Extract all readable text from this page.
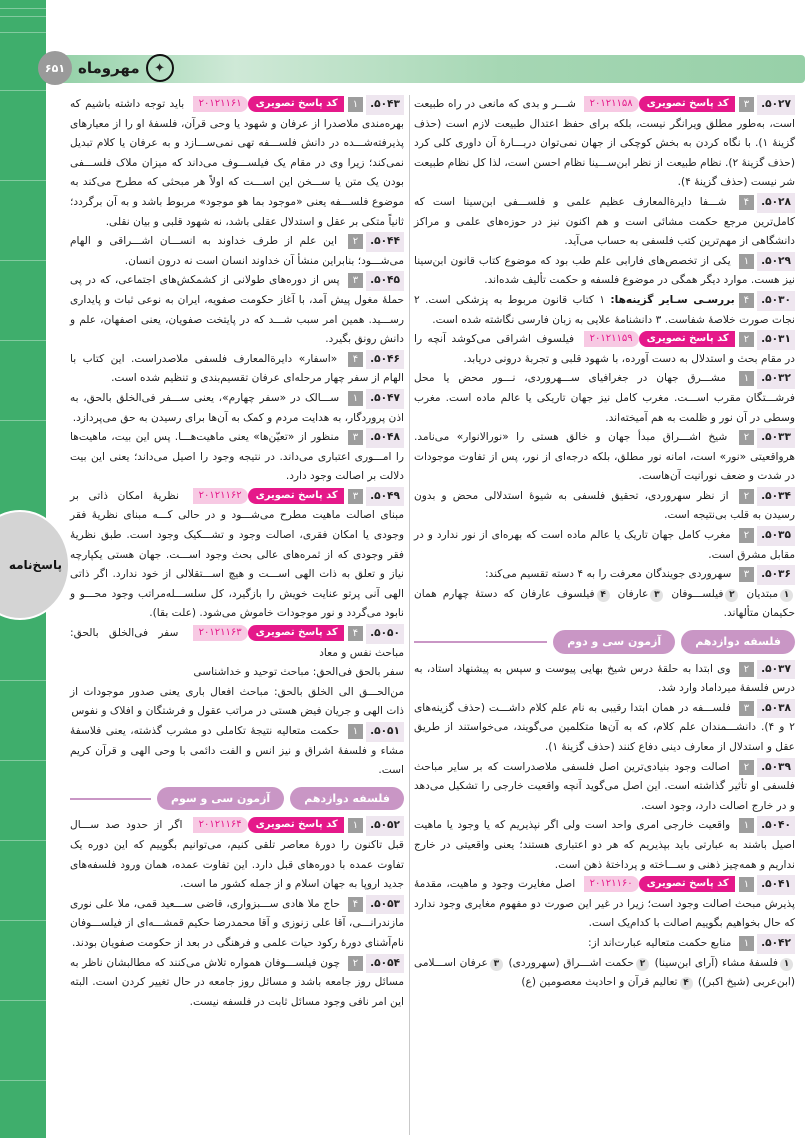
۶۵۱ مهروماه	✦
پاسخ‌نامه

۵۰۲۷.۳
کد پاسخ تصویری
۲۰۱۲۱۱۵۸
شـــر و بدی که مانعی در راه طبیعت است، به‌طور مطلق ویرانگر نیست، بلکه برای حفظ اعتدال طبیعت لازم است (حذف گزینهٔ ۱). با نگاه کردن به بخش کوچکی از جهان نمی‌توان دربـــارهٔ آن داوری کلی کرد (حذف گزینهٔ ۲). نظام طبیعت از نظر ابن‌ســـینا نظام احسن است، لذا کل نظام طبیعت شر نیست (حذف گزینهٔ ۴).

۵۰۲۸.۴ شـــفا دایرةالمعارف عظیم علمی و فلســـفی ابن‌سینا است که کامل‌ترین مرجع حکمت مشائی است و هم اکنون نیز در حوزه‌های علمی و مراکز دانشگاهی از مهم‌ترین کتب فلسفی به حساب می‌آید.

۵۰۲۹.۱ یکی از تخصص‌های فارابی علم طب بود که موضوع کتاب قانون ابن‌سینا نیز هست. موارد دیگر همگی در موضوع فلسفه و حکمت تألیف شده‌اند.

۵۰۳۰.۴بررسـی سـایر گزینه‌ها: ۱ کتاب قانون مربوط به پزشکی است. ۲ نجات صورت خلاصهٔ شفاست. ۳ دانشنامهٔ علایی به زبان فارسی نگاشته شده است.

۵۰۳۱.۲
کد پاسخ تصویری
۲۰۱۲۱۱۵۹
فیلسوف اشراقی می‌کوشد آنچه را در مقام بحث و استدلال به دست آورده، با شهود قلبی و تجربهٔ درونی دریابد.

۵۰۳۲.۱ مشـــرق جهان در جغرافیای ســـهروردی، نـــور محض یا محل فرشـــتگان مقرب اســـت. مغرب کامل نیز جهان تاریکی یا عالم ماده است. مغرب وسطی در آن نور و ظلمت به هم آمیخته‌اند.

۵۰۳۳.۲ شیخ اشـــراق مبدأ جهان و خالق هستی را «نورالانوار» می‌نامد. هرواقعیتی «نور» است، امانه نور مطلق، بلکه درجه‌ای از نور، پس از تفاوت موجودات در شدت و ضعف نورانیت آن‌هاست.

۵۰۳۴.۲ از نظر سهروردی، تحقیق فلسفی به شیوهٔ استدلالی محض و بدون رسیدن به قلب بی‌نتیجه است.

۵۰۳۵.۲ مغرب کامل جهان تاریک یا عالم ماده است که بهره‌ای از نور ندارد و در مقابل مشرق است.

۵۰۳۶.۳ سهروردی جویندگان معرفت را به ۴ دسته تقسیم می‌کند:
۱مبتدیان ۲فیلســـوفان ۳عارفان ۴فیلسوف عارفان که دستهٔ چهارم همان حکیمان متألهاند.

فلسفه دوازدهم
آزمون سی و دوم

۵۰۳۷.۲ وی ابتدا به حلقهٔ درس شیخ بهایی پیوست و سپس به پیشنهاد استاد، به درس فلسفهٔ میرداماد وارد شد.

۵۰۳۸.۳ فلســـفه در همان ابتدا رقیبی به نام علم کلام داشـــت (حذف گزینه‌های ۲ و ۴). دانشـــمندان علم کلام، که به آن‌ها متکلمین می‌گویند، می‌خواستند از طریق عقل و استدلال از معارف دینی دفاع کنند (حذف گزینهٔ ۱).

۵۰۳۹.۲ اصالت وجود بنیادی‌ترین اصل فلسفی ملاصدراست که بر سایر مباحث فلسفی او تأثیر گذاشته است. این اصل می‌گوید آنچه واقعیت خارجی را تشکیل می‌دهد و در خارج اصالت دارد، وجود است.

۵۰۴۰.۱ واقعیت خارجی امری واحد است ولی اگر نپذیریم که یا وجود یا ماهیت اصیل باشند به عبارتی باید بپذیریم که هر دو اعتباری هستند؛ یعنی واقعیتی در خارج نداریم و همه‌چیز ذهنی و ســـاخته و پرداختهٔ ذهن است.

۵۰۴۱.۱
کد پاسخ تصویری
۲۰۱۲۱۱۶۰
اصل مغایرت وجود و ماهیت، مقدمهٔ پذیرش مبحث اصالت وجود است؛ زیرا در غیر این صورت دو مفهوم مغایری وجود ندارد که حال بخواهیم بگوییم اصالت با کدام‌یک است.

۵۰۴۲.۱ منابع حکمت متعالیه عبارت‌اند از:
۱فلسفهٔ مشاء (آرای ابن‌سینا) ۲حکمت اشـــراق (سهروردی) ۳عرفان اســـلامی (ابن‌عربی (شیخ اکبر)) ۴تعالیم قرآن و احادیث معصومین (ع)

۵۰۴۳.۱
کد پاسخ تصویری
۲۰۱۲۱۱۶۱
باید توجه داشته باشیم که بهره‌مندی ملاصدرا از عرفان و شهود یا وحی قرآن، فلسفهٔ او را از معیارهای پذیرفته‌شـــده در دانش فلســـفه تهی نمی‌ســـازد و به عرفان یا کلام تبدیل نمی‌کند؛ زیرا وی در مقام یک فیلســـوف می‌داند که میزان ملاک فلســـفی بودن یک متن یا ســـخن این اســـت که اولاً هر مبحثی که مطرح می‌کند به موضوع فلســـفه یعنی «موجود بما هو موجود» مربوط باشد و به آن برگردد؛ ثانیاً متکی بر عقل و استدلال عقلی باشد، نه شهود قلبی و بیان نقلی.

۵۰۴۴.۲ این علم از طرف خداوند به انســـان اشـــراقی و الهام می‌شـــود؛ بنابراین منشأ آن خداوند انسان است نه درون انسان.

۵۰۴۵.۳ پس از دوره‌های طولانی از کشمکش‌های اجتماعی، که در پی حملهٔ مغول پیش آمد، با آغاز حکومت صفویه، ایران به نوعی ثبات و پایداری رســـید. همین امر سبب شـــد که در پایتخت صفویان، یعنی اصفهان، علم و دانش رونق بگیرد.

۵۰۴۶.۴ «اسفار» دایرةالمعارف فلسفی ملاصدراست. این کتاب با الهام از سفر چهار مرحله‌ای عرفان تقسیم‌بندی و تنظیم شده است.

۵۰۴۷.۱ ســـالک در «سفر چهارم»، یعنی ســـفر فی‌الخلق بالحق، به اذن پروردگار، به هدایت مردم و کمک به آن‌ها برای رسیدن به حق می‌پردازد.

۵۰۴۸.۳ منظور از «تعیّن‌ها» یعنی ماهیت‌هـــا. پس این بیت، ماهیت‌ها را امـــوری اعتباری می‌داند. در نتیجه وجود را اصیل می‌داند؛ یعنی این بیت دلالت بر اصالت وجود دارد.

۵۰۴۹.۳
کد پاسخ تصویری
۲۰۱۲۱۱۶۲
نظریهٔ امکان ذاتی بر مبنای اصالت ماهیت مطرح می‌شـــود و در حالی کـــه مبنای نظریهٔ فقر وجودی یا امکان فقری، اصالت وجود و تشـــکیک وجود است. طبق نظریهٔ فقر وجودی که از ثمره‌های عالی بحث وجود اســـت. جهان هستی یکپارچه نیاز و تعلق به ذات الهی اســـت و هیچ اســـتقلالی از خود ندارد. اگر ذاتی الهی آنی پرتو عنایت خویش را بازگیرد، کل سلســـله‌مراتب وجود محـــو و نابود می‌گردد و نور موجودات خاموش می‌شود. (علت بقا).

۵۰۵۰.۴
کد پاسخ تصویری
۲۰۱۲۱۱۶۳
سفر فی‌الخلق بالحق: مباحث نفس و معاد
سفر بالحق فی‌الحق: مباحث توحید و خداشناسی
من‌الحـــق الی الخلق بالحق: مباحث افعال باری یعنی صدور موجودات از ذات الهی و جریان فیض هستی در مراتب عقول و فرشتگان و افلاک و نفوس

۵۰۵۱.۱ حکمت متعالیه نتیجهٔ تکاملی دو مشرب گذشته، یعنی فلاسفهٔ مشاء و فلسفهٔ اشراق و نیز انس و الفت دائمی با وحی الهی و قرآن کریم است.

فلسفه دوازدهم
آزمون سی و سوم

۵۰۵۲.۱
کد پاسخ تصویری
۲۰۱۲۱۱۶۴
اگر از حدود صد ســـال قبل تاکنون را دورهٔ معاصر تلقی کنیم، می‌توانیم بگوییم که این دوره یک تفاوت عمده با دوره‌های قبل دارد. این تفاوت عمده، همان ورود فلسفه‌های جدید اروپا به جهان اسلام و از جمله کشور ما است.

۵۰۵۳.۴ حاج ملا هادی ســـبزواری، قاضی ســـعید قمی، ملا علی نوری مازندرانـــی، آقا علی زنوزی و آقا محمدرضا حکیم قمشـــه‌ای از فیلســـوفان نام‌آشنای دورهٔ رکود حیات علمی و فرهنگی در بعد از حکومت صفویان بودند.

۵۰۵۴.۲ چون فیلســـوفان همواره تلاش می‌کنند که مطالبشان ناظر به مسائل روز جامعه باشد و مسائل روز جامعه در حال تغییر کردن است. البته این امر نافی وجود مسائل ثابت در فلسفه نیست.
